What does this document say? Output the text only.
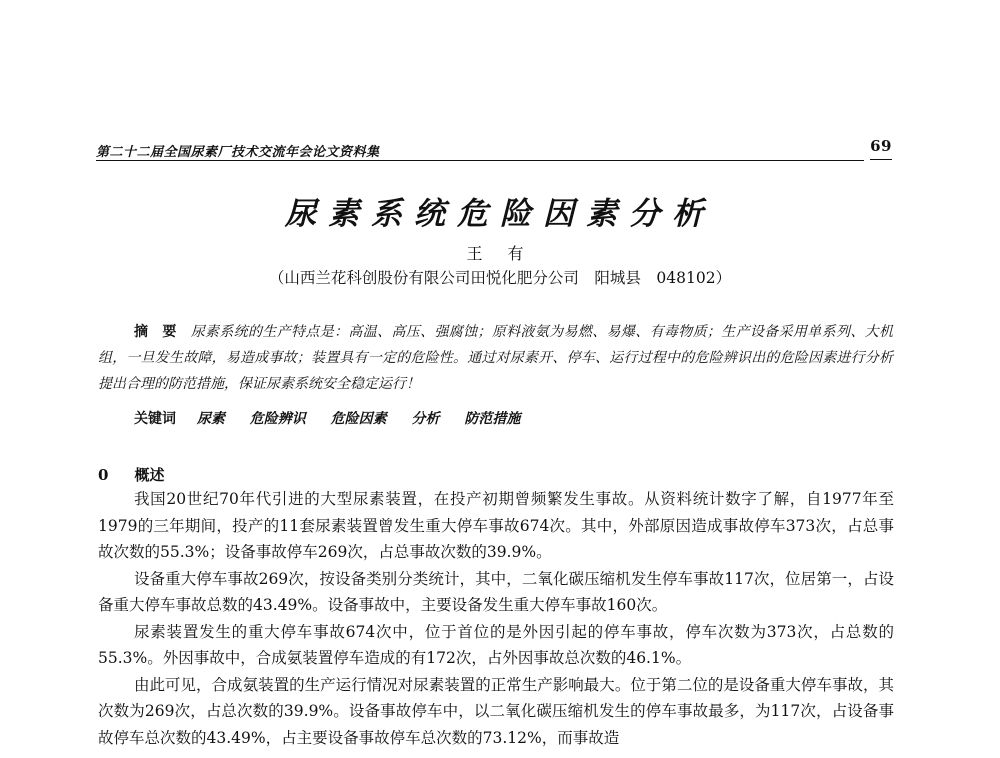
第二十二届全国尿素厂技术交流年会论文资料集	69
尿素系统危险因素分析
王 有
（山西兰花科创股份有限公司田悦化肥分公司　阳城县　048102）
摘要尿素系统的生产特点是：高温、高压、强腐蚀；原料液氨为易燃、易爆、有毒物质；生产设备采用单系列、大机组，一旦发生故障，易造成事故；装置具有一定的危险性。通过对尿素开、停车、运行过程中的危险辨识出的危险因素进行分析提出合理的防范措施，保证尿素系统安全稳定运行！
关键词 尿素 危险辨识 危险因素 分析 防范措施
0 概述

我国20世纪70年代引进的大型尿素装置，在投产初期曾频繁发生事故。从资料统计数字了解，自1977年至1979的三年期间，投产的11套尿素装置曾发生重大停车事故674次。其中，外部原因造成事故停车373次，占总事故次数的55.3%；设备事故停车269次，占总事故次数的39.9%。

设备重大停车事故269次，按设备类别分类统计，其中，二氧化碳压缩机发生停车事故117次，位居第一，占设备重大停车事故总数的43.49%。设备事故中，主要设备发生重大停车事故160次。

尿素装置发生的重大停车事故674次中，位于首位的是外因引起的停车事故，停车次数为373次，占总数的55.3%。外因事故中，合成氨装置停车造成的有172次，占外因事故总次数的46.1%。

由此可见，合成氨装置的生产运行情况对尿素装置的正常生产影响最大。位于第二位的是设备重大停车事故，其次数为269次，占总次数的39.9%。设备事故停车中，以二氧化碳压缩机发生的停车事故最多，为117次，占设备事故停车总次数的43.49%，占主要设备事故停车总次数的73.12%，而事故造
